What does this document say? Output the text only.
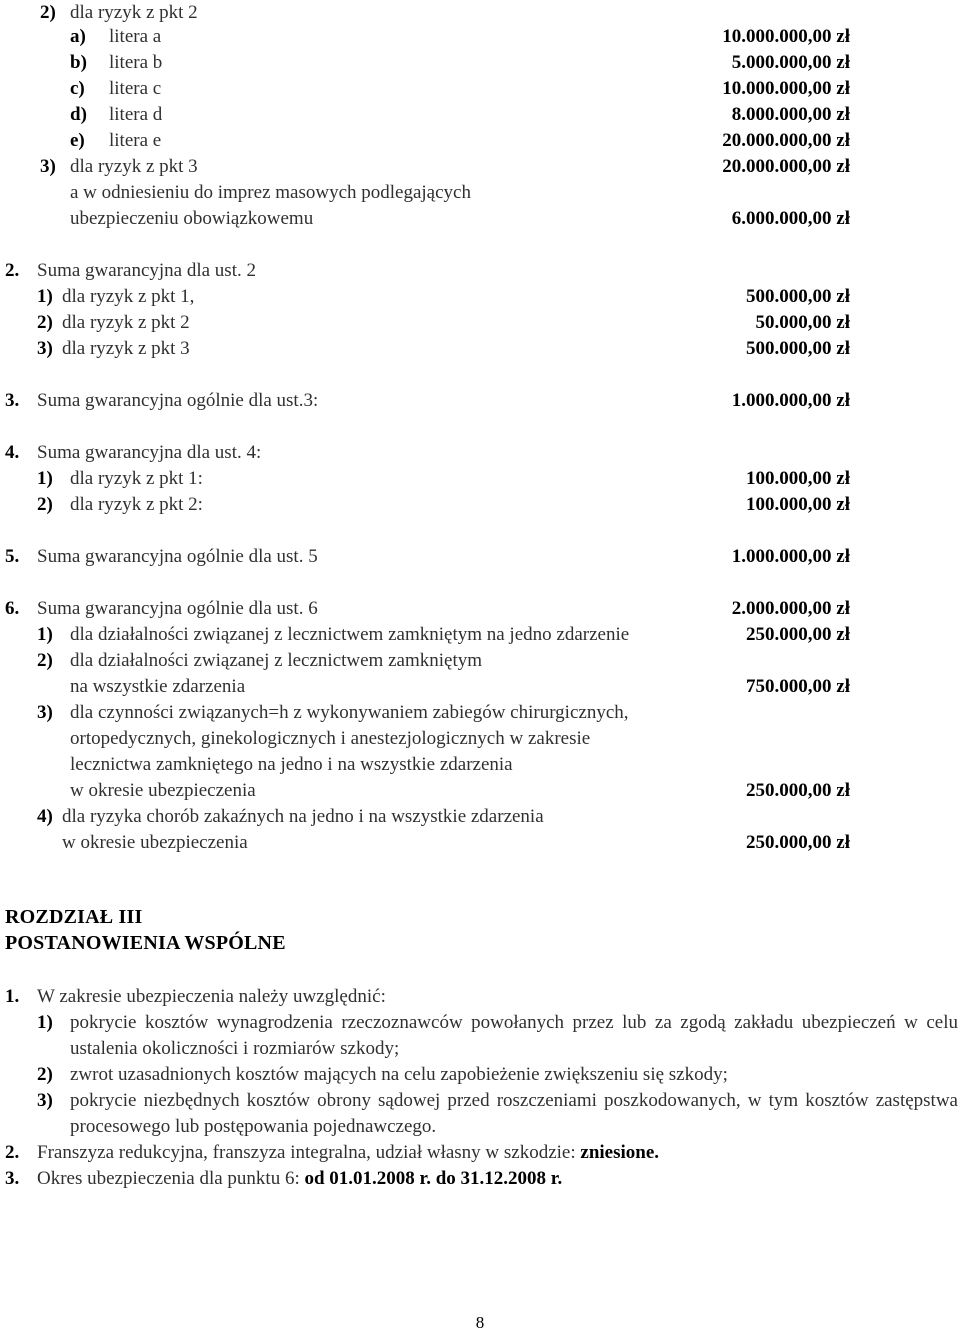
2) dla ryzyk z pkt 2
a) litera a	10.000.000,00 zł
b) litera b	5.000.000,00 zł
c) litera c	10.000.000,00 zł
d) litera d	8.000.000,00 zł
e) litera e	20.000.000,00 zł
3) dla ryzyk z pkt 3	20.000.000,00 zł
a w odniesieniu do imprez masowych podlegających
ubezpieczeniu obowiązkowemu	6.000.000,00 zł
2. Suma gwarancyjna dla ust. 2
1) dla ryzyk z pkt 1,	500.000,00 zł
2) dla ryzyk z pkt 2	50.000,00 zł
3) dla ryzyk z pkt 3	500.000,00 zł
3. Suma gwarancyjna ogólnie dla ust.3:	1.000.000,00 zł
4. Suma gwarancyjna dla ust. 4:
1) dla ryzyk z pkt 1:	100.000,00 zł
2) dla ryzyk z pkt 2:	100.000,00 zł
5. Suma gwarancyjna ogólnie dla ust. 5	1.000.000,00 zł
6. Suma gwarancyjna ogólnie dla ust. 6	2.000.000,00 zł
1) dla działalności związanej z lecznictwem zamkniętym na jedno zdarzenie	250.000,00 zł
2) dla działalności związanej z lecznictwem zamkniętym
na wszystkie zdarzenia	750.000,00 zł
3) dla czynności związanych=h z wykonywaniem zabiegów chirurgicznych,
ortopedycznych, ginekologicznych i anestezjologicznych w zakresie
lecznictwa zamkniętego na jedno i na wszystkie zdarzenia
w okresie ubezpieczenia	250.000,00 zł
4) dla ryzyka chorób zakaźnych na jedno i na wszystkie zdarzenia
w okresie ubezpieczenia	250.000,00 zł
ROZDZIAŁ III
POSTANOWIENIA WSPÓLNE
1. W zakresie ubezpieczenia należy uwzględnić:
1) pokrycie kosztów wynagrodzenia rzeczoznawców powołanych przez lub za zgodą zakładu ubezpieczeń w celu ustalenia okoliczności i rozmiarów szkody;
2) zwrot uzasadnionych kosztów mających na celu zapobieżenie zwiększeniu się szkody;
3) pokrycie niezbędnych kosztów obrony sądowej przed roszczeniami poszkodowanych, w tym kosztów zastępstwa procesowego lub postępowania pojednawczego.
2. Franszyza redukcyjna, franszyza integralna, udział własny w szkodzie: zniesione.
3. Okres ubezpieczenia dla punktu 6: od 01.01.2008 r. do 31.12.2008 r.
8
